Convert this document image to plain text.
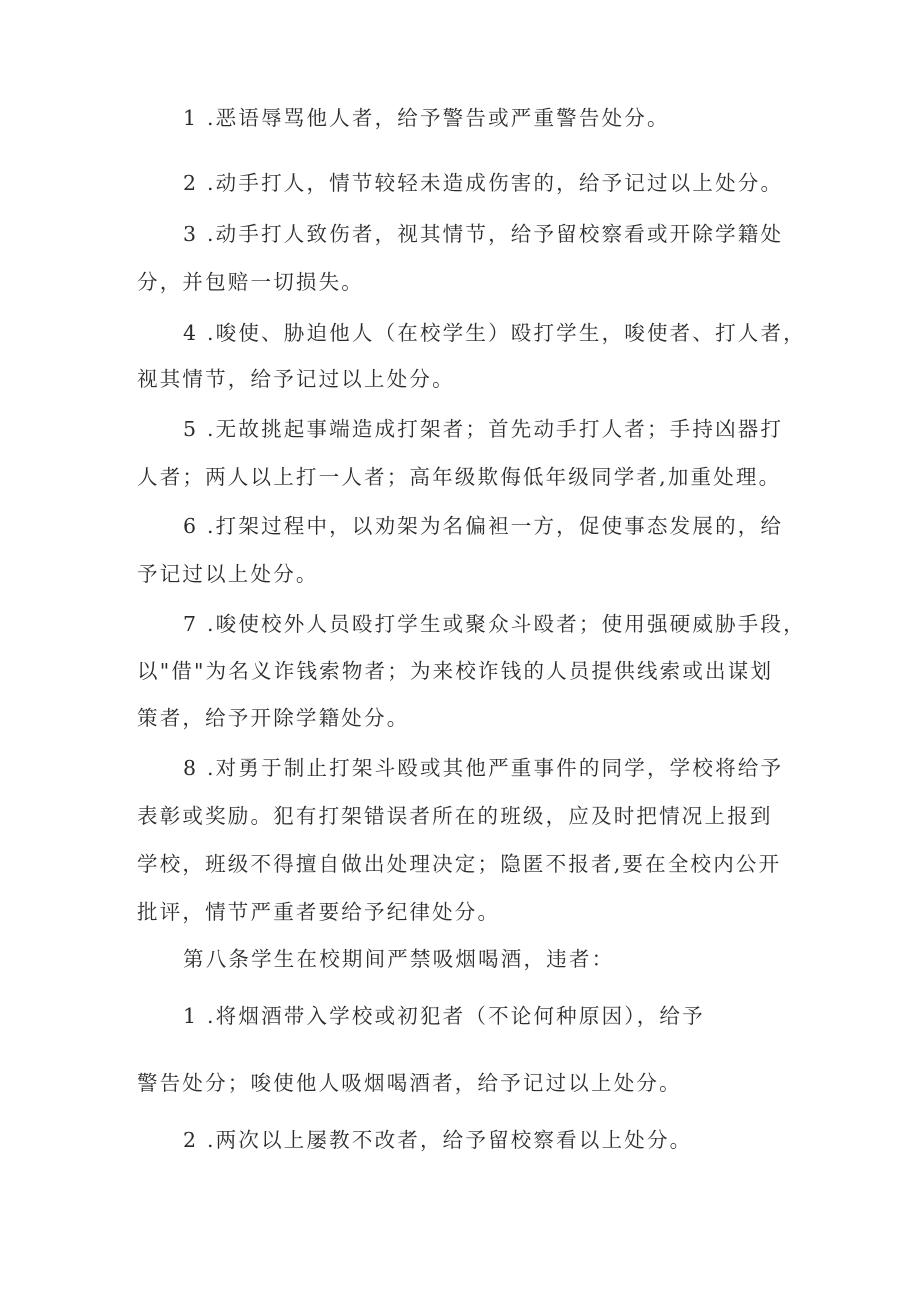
1 .恶语辱骂他人者，给予警告或严重警告处分。

2 .动手打人，情节较轻未造成伤害的，给予记过以上处分。

3 .动手打人致伤者，视其情节，给予留校察看或开除学籍处

分，并包赔一切损失。

4 .唆使、胁迫他人（在校学生）殴打学生，唆使者、打人者，

视其情节，给予记过以上处分。

5 .无故挑起事端造成打架者；首先动手打人者；手持凶器打

人者；两人以上打一人者；高年级欺侮低年级同学者,加重处理。

6 .打架过程中，以劝架为名偏袒一方，促使事态发展的，给

予记过以上处分。

7 .唆使校外人员殴打学生或聚众斗殴者；使用强硬威胁手段，

以"借"为名义诈钱索物者；为来校诈钱的人员提供线索或出谋划

策者，给予开除学籍处分。

8 .对勇于制止打架斗殴或其他严重事件的同学，学校将给予

表彰或奖励。犯有打架错误者所在的班级，应及时把情况上报到

学校，班级不得擅自做出处理决定；隐匿不报者,要在全校内公开

批评，情节严重者要给予纪律处分。

第八条学生在校期间严禁吸烟喝酒，违者：

1 .将烟酒带入学校或初犯者（不论何种原因），给予

警告处分；唆使他人吸烟喝酒者，给予记过以上处分。

2 .两次以上屡教不改者，给予留校察看以上处分。
